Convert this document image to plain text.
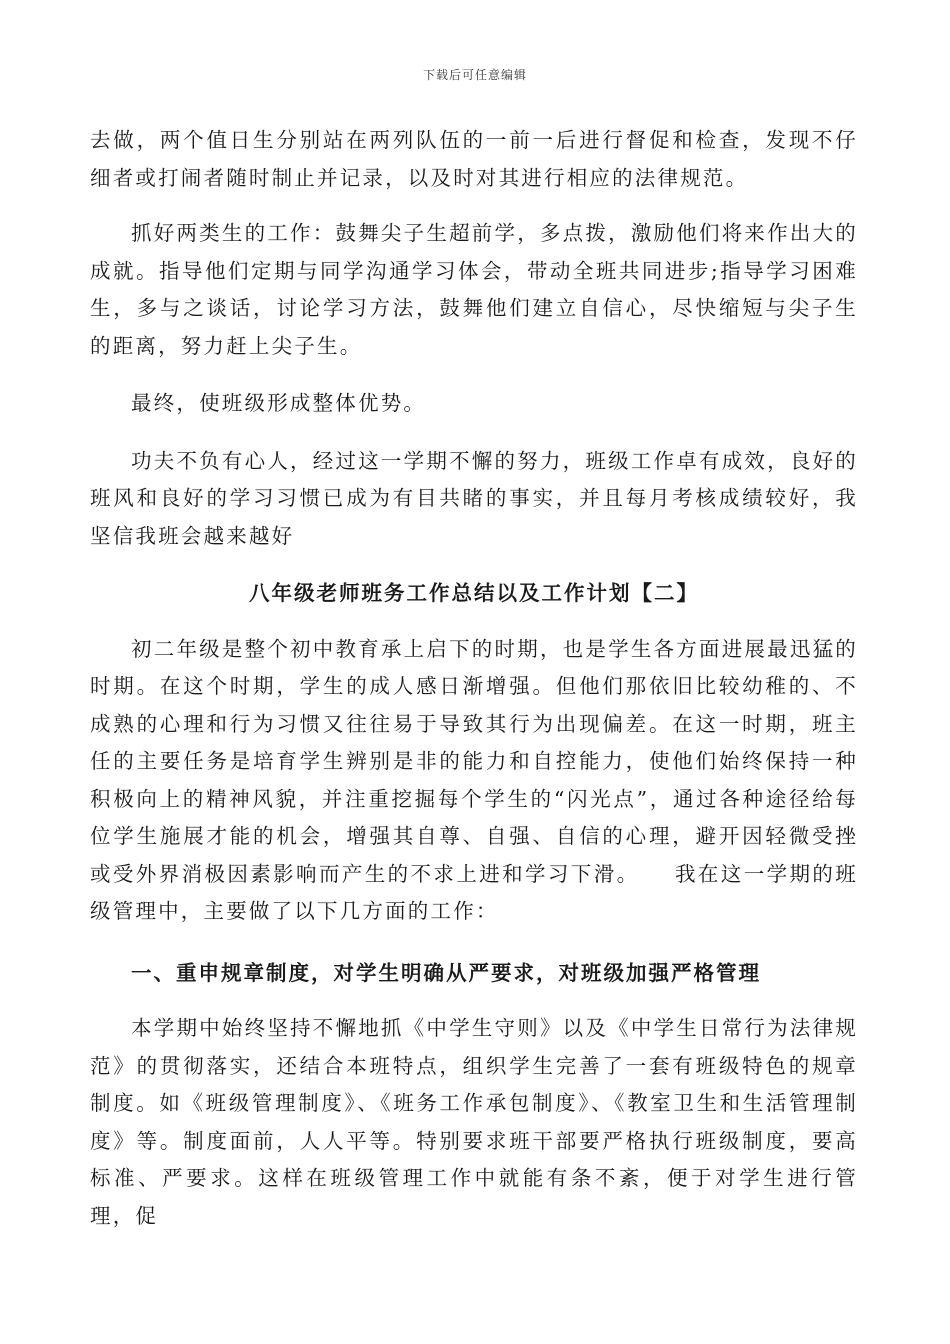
下载后可任意编辑

去做，两个值日生分别站在两列队伍的一前一后进行督促和检查，发现不仔细者或打闹者随时制止并记录，以及时对其进行相应的法律规范。

抓好两类生的工作：鼓舞尖子生超前学，多点拨，激励他们将来作出大的成就。指导他们定期与同学沟通学习体会，带动全班共同进步;指导学习困难生，多与之谈话，讨论学习方法，鼓舞他们建立自信心，尽快缩短与尖子生的距离，努力赶上尖子生。

最终，使班级形成整体优势。

功夫不负有心人，经过这一学期不懈的努力，班级工作卓有成效，良好的班风和良好的学习习惯已成为有目共睹的事实，并且每月考核成绩较好，我坚信我班会越来越好

八年级老师班务工作总结以及工作计划【二】

初二年级是整个初中教育承上启下的时期，也是学生各方面进展最迅猛的时期。在这个时期，学生的成人感日渐增强。但他们那依旧比较幼稚的、不成熟的心理和行为习惯又往往易于导致其行为出现偏差。在这一时期，班主任的主要任务是培育学生辨别是非的能力和自控能力，使他们始终保持一种积极向上的精神风貌，并注重挖掘每个学生的“闪光点”，通过各种途径给每位学生施展才能的机会，增强其自尊、自强、自信的心理，避开因轻微受挫　　或受外界消极因素影响而产生的不求上进和学习下滑。　　我在这一学期的班级管理中，主要做了以下几方面的工作：

一、重申规章制度，对学生明确从严要求，对班级加强严格管理

本学期中始终坚持不懈地抓《中学生守则》以及《中学生日常行为法律规范》的贯彻落实，还结合本班特点，组织学生完善了一套有班级特色的规章制度。如《班级管理制度》、《班务工作承包制度》、《教室卫生和生活管理制度》等。制度面前，人人平等。特别要求班干部要严格执行班级制度，要高标准、严要求。这样在班级管理工作中就能有条不紊，便于对学生进行管理，促
